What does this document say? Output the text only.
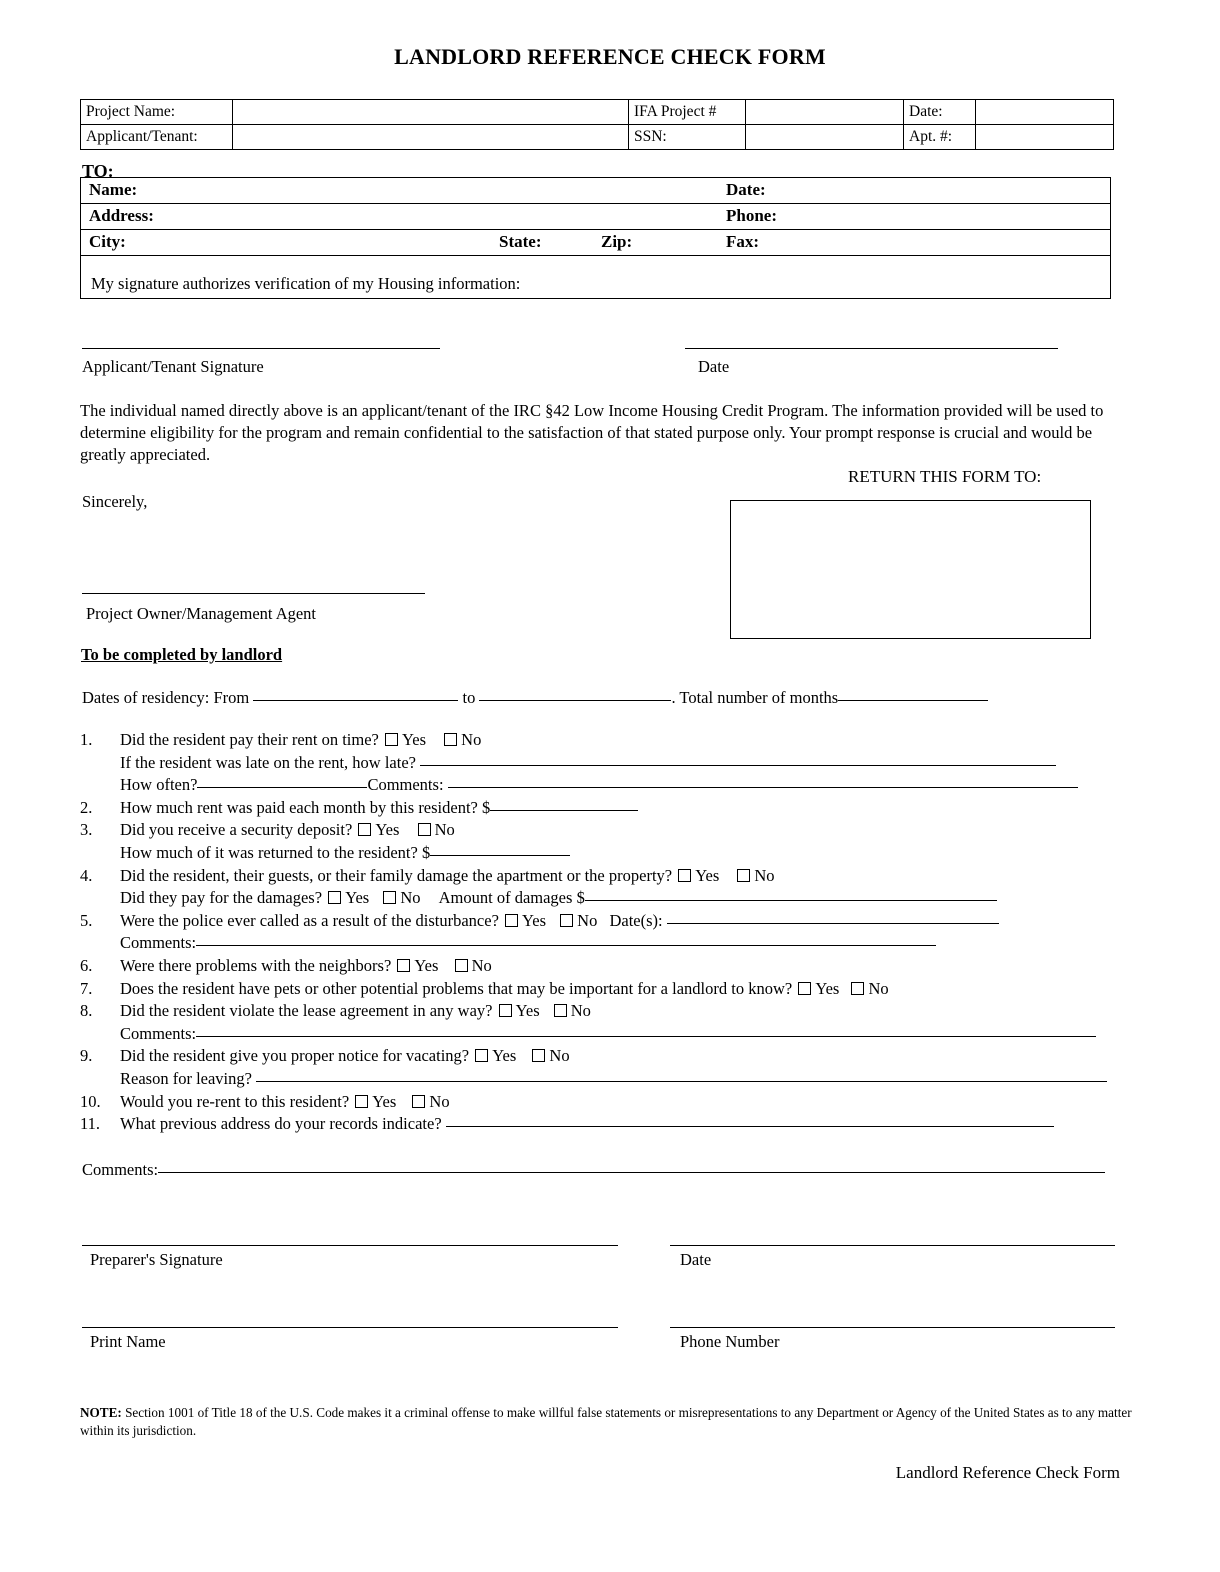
LANDLORD REFERENCE CHECK FORM
Project Name:		IFA Project #		Date:	
Applicant/Tenant:		SSN:		Apt. #:	
TO:
Name:	Date:
Address:	Phone:
City:	State:	Zip:	Fax:
My signature authorizes verification of my Housing information:
Applicant/Tenant Signature	Date
The individual named directly above is an applicant/tenant of the IRC §42 Low Income Housing Credit Program. The information provided will be used to determine eligibility for the program and remain confidential to the satisfaction of that stated purpose only. Your prompt response is crucial and would be greatly appreciated.
RETURN THIS FORM TO:
Sincerely,
Project Owner/Management Agent
To be completed by landlord
Dates of residency: From	to	. Total number of months
1.	Did the resident pay their rent on time? Yes No
If the resident was late on the rent, how late?
How often?	Comments:
2.	How much rent was paid each month by this resident? $
3.	Did you receive a security deposit? Yes No
How much of it was returned to the resident? $
4.	Did the resident, their guests, or their family damage the apartment or the property? Yes No
Did they pay for the damages? Yes No Amount of damages $
5.	Were the police ever called as a result of the disturbance? Yes No Date(s):
Comments:
6.	Were there problems with the neighbors? Yes No
7.	Does the resident have pets or other potential problems that may be important for a landlord to know? Yes No
8.	Did the resident violate the lease agreement in any way? Yes No
Comments:
9.	Did the resident give you proper notice for vacating? Yes No
Reason for leaving?
10.	Would you re-rent to this resident? Yes No
11.	What previous address do your records indicate?
Comments:
Preparer's Signature	Date
Print Name	Phone Number
NOTE: Section 1001 of Title 18 of the U.S. Code makes it a criminal offense to make willful false statements or misrepresentations to any Department or Agency of the United States as to any matter within its jurisdiction.
Landlord Reference Check Form
